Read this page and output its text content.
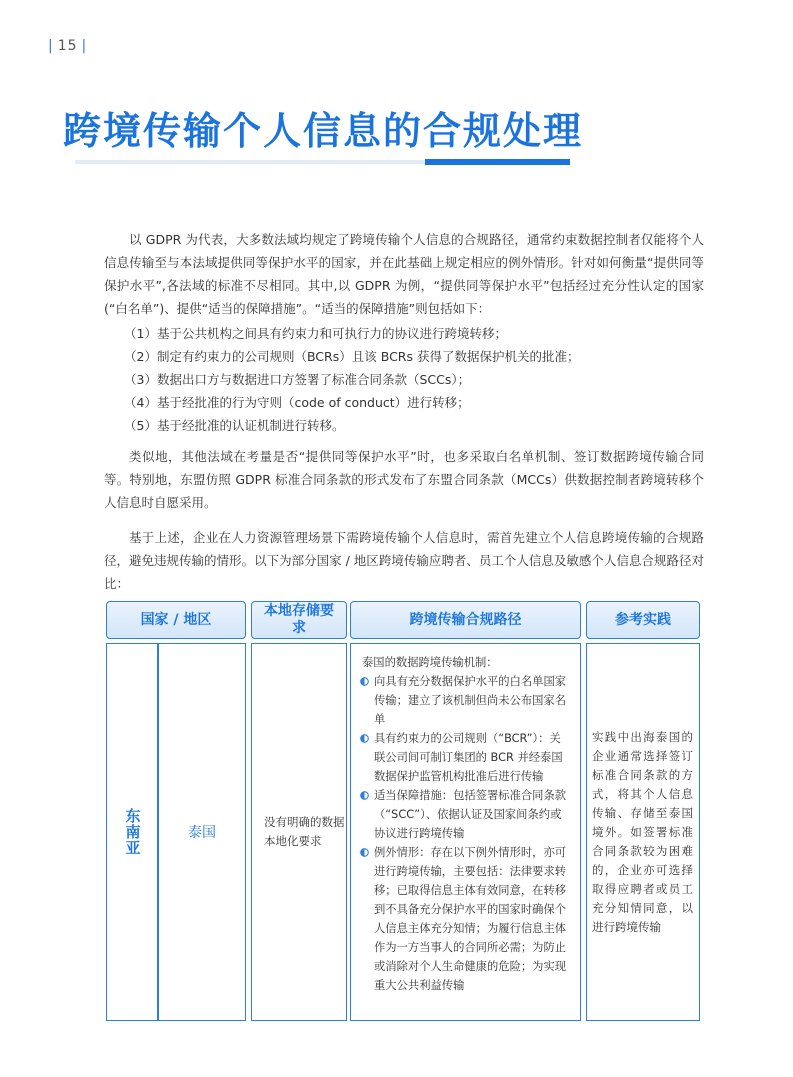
| 15 |
跨境传输个人信息的合规处理

以 GDPR 为代表，大多数法域均规定了跨境传输个人信息的合规路径，通常约束数据控制者仅能将个人信息传输至与本法域提供同等保护水平的国家，并在此基础上规定相应的例外情形。针对如何衡量“提供同等保护水平”,各法域的标准不尽相同。其中,以 GDPR 为例，“提供同等保护水平”包括经过充分性认定的国家(“白名单”)、提供“适当的保障措施”。“适当的保障措施”则包括如下：

（1）基于公共机构之间具有约束力和可执行力的协议进行跨境转移；
（2）制定有约束力的公司规则（BCRs）且该 BCRs 获得了数据保护机关的批准；
（3）数据出口方与数据进口方签署了标准合同条款（SCCs）；
（4）基于经批准的行为守则（code of conduct）进行转移；
（5）基于经批准的认证机制进行转移。

类似地，其他法域在考量是否“提供同等保护水平”时，也多采取白名单机制、签订数据跨境传输合同等。特别地，东盟仿照 GDPR 标准合同条款的形式发布了东盟合同条款（MCCs）供数据控制者跨境转移个人信息时自愿采用。

基于上述，企业在人力资源管理场景下需跨境传输个人信息时，需首先建立个人信息跨境传输的合规路径，避免违规传输的情形。以下为部分国家 / 地区跨境传输应聘者、员工个人信息及敏感个人信息合规路径对比：

国家 / 地区
本地存储要求
跨境传输合规路径	参考实践
东南亚	泰国
没有明确的数据本地化要求

泰国的数据跨境传输机制：

向具有充分数据保护水平的白名单国家传输；建立了该机制但尚未公布国家名单
具有约束力的公司规则（“BCR”）：关联公司间可制订集团的 BCR 并经泰国数据保护监管机构批准后进行传输
适当保障措施：包括签署标准合同条款（“SCC”）、依据认证及国家间条约或协议进行跨境传输
例外情形：存在以下例外情形时，亦可进行跨境传输，主要包括：法律要求转移；已取得信息主体有效同意，在转移到不具备充分保护水平的国家时确保个人信息主体充分知情；为履行信息主体作为一方当事人的合同所必需；为防止或消除对个人生命健康的危险；为实现重大公共利益传输
实践中出海泰国的企业通常选择签订标准合同条款的方式，将其个人信息传输、存储至泰国境外。如签署标准合同条款较为困难的，企业亦可选择取得应聘者或员工充分知情同意，以进行跨境传输
